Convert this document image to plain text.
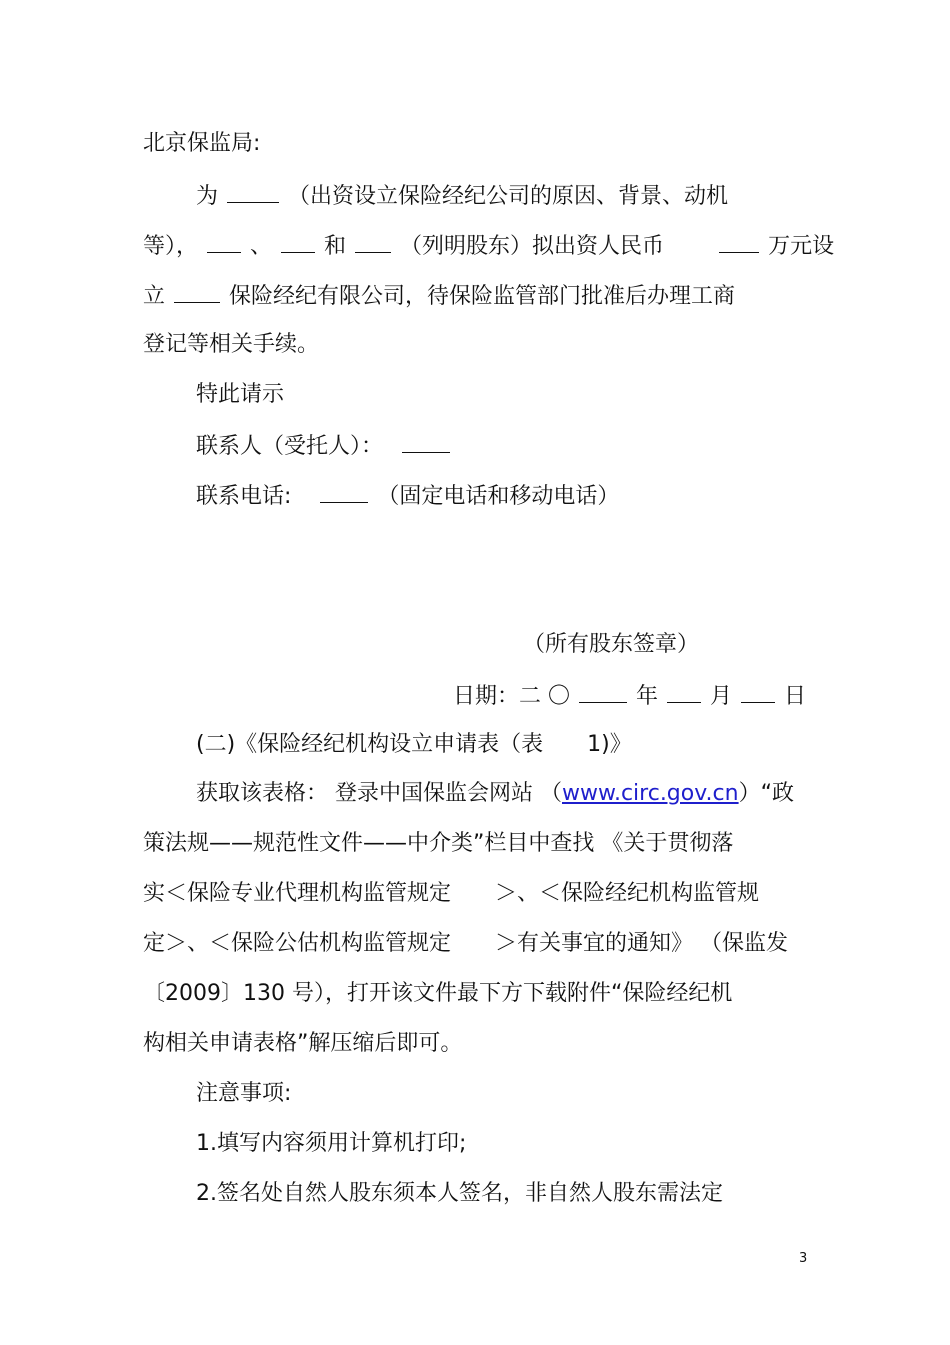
北京保监局:
为	（出资设立保险经纪公司的原因、背景、动机
等）， 、 和 （列明股东）拟出资人民币	万元设
立	保险经纪有限公司，待保险监管部门批准后办理工商
登记等相关手续。
特此请示
联系人（受托人）：
联系电话:	（固定电话和移动电话）
（所有股东签章）
日期：二 〇	年 月 日
(二)《保险经纪机构设立申请表（表　　1)》
获取该表格： 登录中国保监会网站 （www.circ.gov.cn）“政
策法规——规范性文件——中介类”栏目中查找 《关于贯彻落
实＜保险专业代理机构监管规定　　＞、＜保险经纪机构监管规
定＞、＜保险公估机构监管规定　　＞有关事宜的通知》 （保监发
〔2009〕130 号），打开该文件最下方下载附件“保险经纪机
构相关申请表格”解压缩后即可。
注意事项:
1.填写内容须用计算机打印;
2.签名处自然人股东须本人签名，非自然人股东需法定
3
